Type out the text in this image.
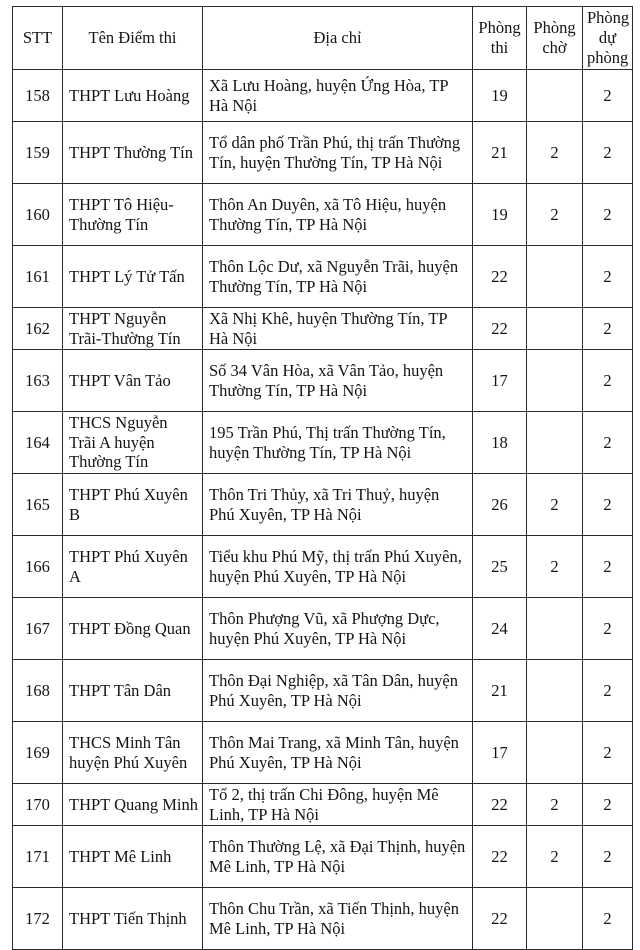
STT	Tên Điểm thi	Địa chỉ	Phòng thi	Phòng chờ	Phòng dự phòng
158	THPT Lưu Hoàng	Xã Lưu Hoàng, huyện Ứng Hòa, TP Hà Nội	19		2
159	THPT Thường Tín	Tổ dân phố Trần Phú, thị trấn Thường Tín, huyện Thường Tín, TP Hà Nội	21	2	2
160	THPT Tô Hiệu-Thường Tín	Thôn An Duyên, xã Tô Hiệu, huyện Thường Tín, TP Hà Nội	19	2	2
161	THPT Lý Tử Tấn	Thôn Lộc Dư, xã Nguyễn Trãi, huyện Thường Tín, TP Hà Nội	22		2
162	THPT Nguyễn Trãi-Thường Tín	Xã Nhị Khê, huyện Thường Tín, TP Hà Nội	22		2
163	THPT Vân Tảo	Số 34 Vân Hòa, xã Vân Tảo, huyện Thường Tín, TP Hà Nội	17		2
164	THCS Nguyễn Trãi A huyện Thường Tín	195 Trần Phú, Thị trấn Thường Tín, huyện Thường Tín, TP Hà Nội	18		2
165	THPT Phú Xuyên B	Thôn Tri Thủy, xã Tri Thuỷ, huyện Phú Xuyên, TP Hà Nội	26	2	2
166	THPT Phú Xuyên A	Tiểu khu Phú Mỹ, thị trấn Phú Xuyên, huyện Phú Xuyên, TP Hà Nội	25	2	2
167	THPT Đồng Quan	Thôn Phượng Vũ, xã Phượng Dực, huyện Phú Xuyên, TP Hà Nội	24		2
168	THPT Tân Dân	Thôn Đại Nghiệp, xã Tân Dân, huyện Phú Xuyên, TP Hà Nội	21		2
169	THCS Minh Tân huyện Phú Xuyên	Thôn Mai Trang, xã Minh Tân, huyện Phú Xuyên, TP Hà Nội	17		2
170	THPT Quang Minh	Tổ 2, thị trấn Chi Đông, huyện Mê Linh, TP Hà Nội	22	2	2
171	THPT Mê Linh	Thôn Thường Lệ, xã Đại Thịnh, huyện Mê Linh, TP Hà Nội	22	2	2
172	THPT Tiến Thịnh	Thôn Chu Trần, xã Tiến Thịnh, huyện Mê Linh, TP Hà Nội	22		2
